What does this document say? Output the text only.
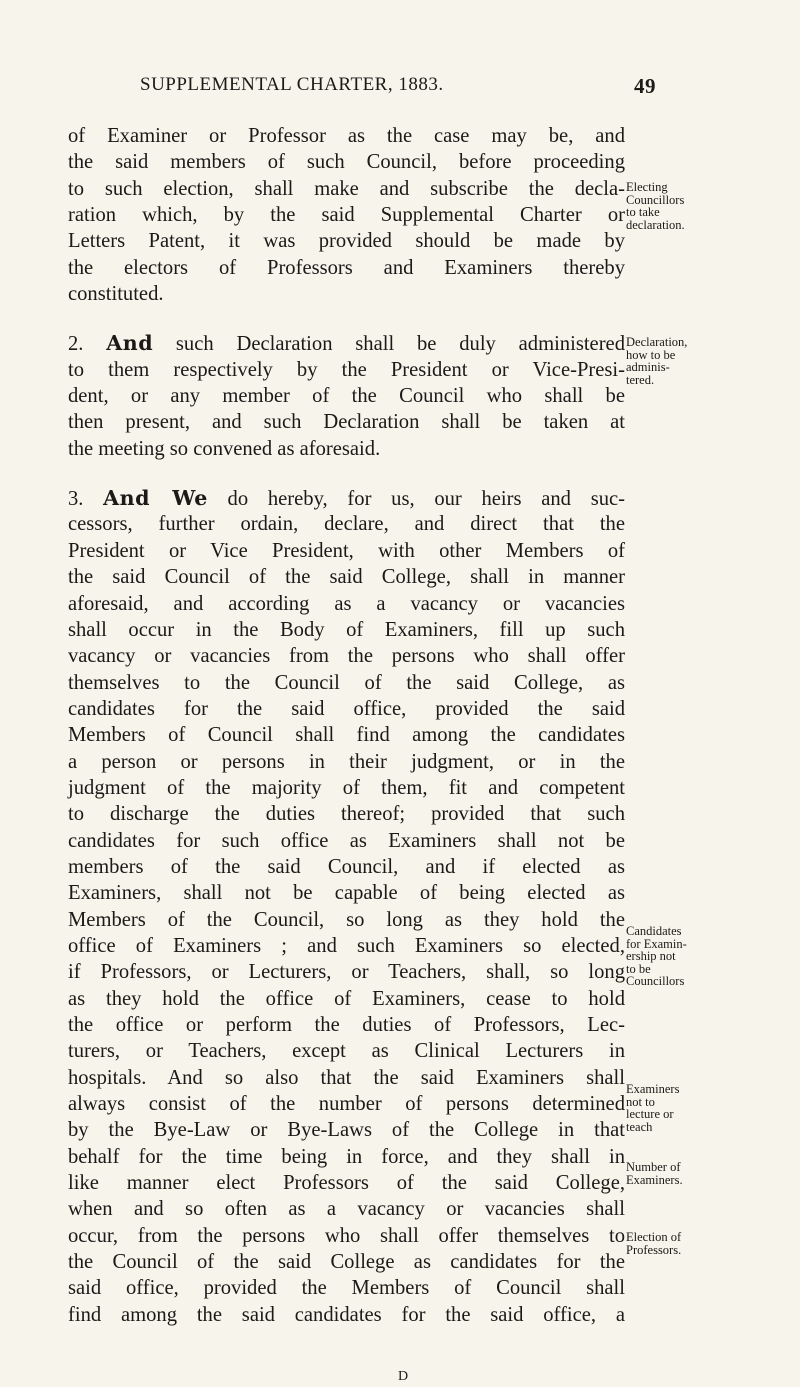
SUPPLEMENTAL CHARTER, 1883.	49
of Examiner or Professor as the case may be, and
the said members of such Council, before proceeding
to such election, shall make and subscribe the decla-
ration which, by the said Supplemental Charter or
Letters Patent, it was provided should be made by
the electors of Professors and Examiners thereby
constituted.
2. And such Declaration shall be duly administered
to them respectively by the President or Vice-Presi-
dent, or any member of the Council who shall be
then present, and such Declaration shall be taken at
the meeting so convened as aforesaid.
3. And We do hereby, for us, our heirs and suc-
cessors, further ordain, declare, and direct that the
President or Vice President, with other Members of
the said Council of the said College, shall in manner
aforesaid, and according as a vacancy or vacancies
shall occur in the Body of Examiners, fill up such
vacancy or vacancies from the persons who shall offer
themselves to the Council of the said College, as
candidates for the said office, provided the said
Members of Council shall find among the candidates
a person or persons in their judgment, or in the
judgment of the majority of them, fit and competent
to discharge the duties thereof; provided that such
candidates for such office as Examiners shall not be
members of the said Council, and if elected as
Examiners, shall not be capable of being elected as
Members of the Council, so long as they hold the
office of Examiners ; and such Examiners so elected,
if Professors, or Lecturers, or Teachers, shall, so long
as they hold the office of Examiners, cease to hold
the office or perform the duties of Professors, Lec-
turers, or Teachers, except as Clinical Lecturers in
hospitals. And so also that the said Examiners shall
always consist of the number of persons determined
by the Bye-Law or Bye-Laws of the College in that
behalf for the time being in force, and they shall in
like manner elect Professors of the said College,
when and so often as a vacancy or vacancies shall
occur, from the persons who shall offer themselves to
the Council of the said College as candidates for the
said office, provided the Members of Council shall
find among the said candidates for the said office, a
Electing
Councillors
to take
declaration.
Declaration,
how to be
adminis-
tered.
Candidates
for Examin-
ership not
to be
Councillors
Examiners
not to
lecture or
teach
Number of
Examiners.
Election of
Professors.
D
